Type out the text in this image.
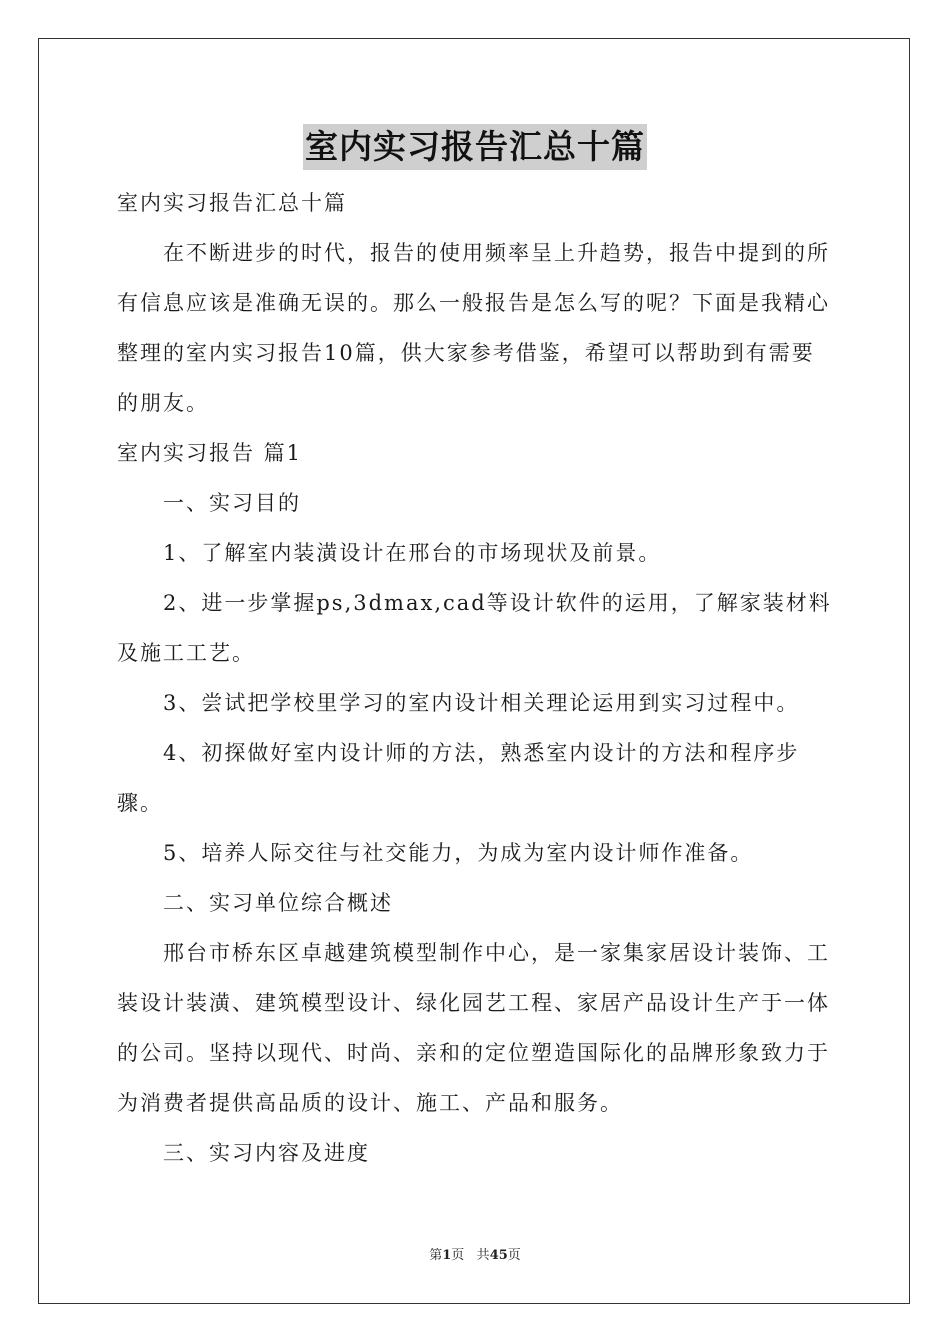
室内实习报告汇总十篇

室内实习报告汇总十篇

在不断进步的时代，报告的使用频率呈上升趋势，报告中提到的所有信息应该是准确无误的。那么一般报告是怎么写的呢？下面是我精心整理的室内实习报告10篇，供大家参考借鉴，希望可以帮助到有需要的朋友。

室内实习报告 篇1

一、实习目的

1、了解室内装潢设计在邢台的市场现状及前景。

2、进一步掌握ps,3dmax,cad等设计软件的运用，了解家装材料及施工工艺。

3、尝试把学校里学习的室内设计相关理论运用到实习过程中。

4、初探做好室内设计师的方法，熟悉室内设计的方法和程序步骤。

5、培养人际交往与社交能力，为成为室内设计师作准备。

二、实习单位综合概述

邢台市桥东区卓越建筑模型制作中心，是一家集家居设计装饰、工装设计装潢、建筑模型设计、绿化园艺工程、家居产品设计生产于一体的公司。坚持以现代、时尚、亲和的定位塑造国际化的品牌形象致力于为消费者提供高品质的设计、施工、产品和服务。

三、实习内容及进度

第1页 共45页
